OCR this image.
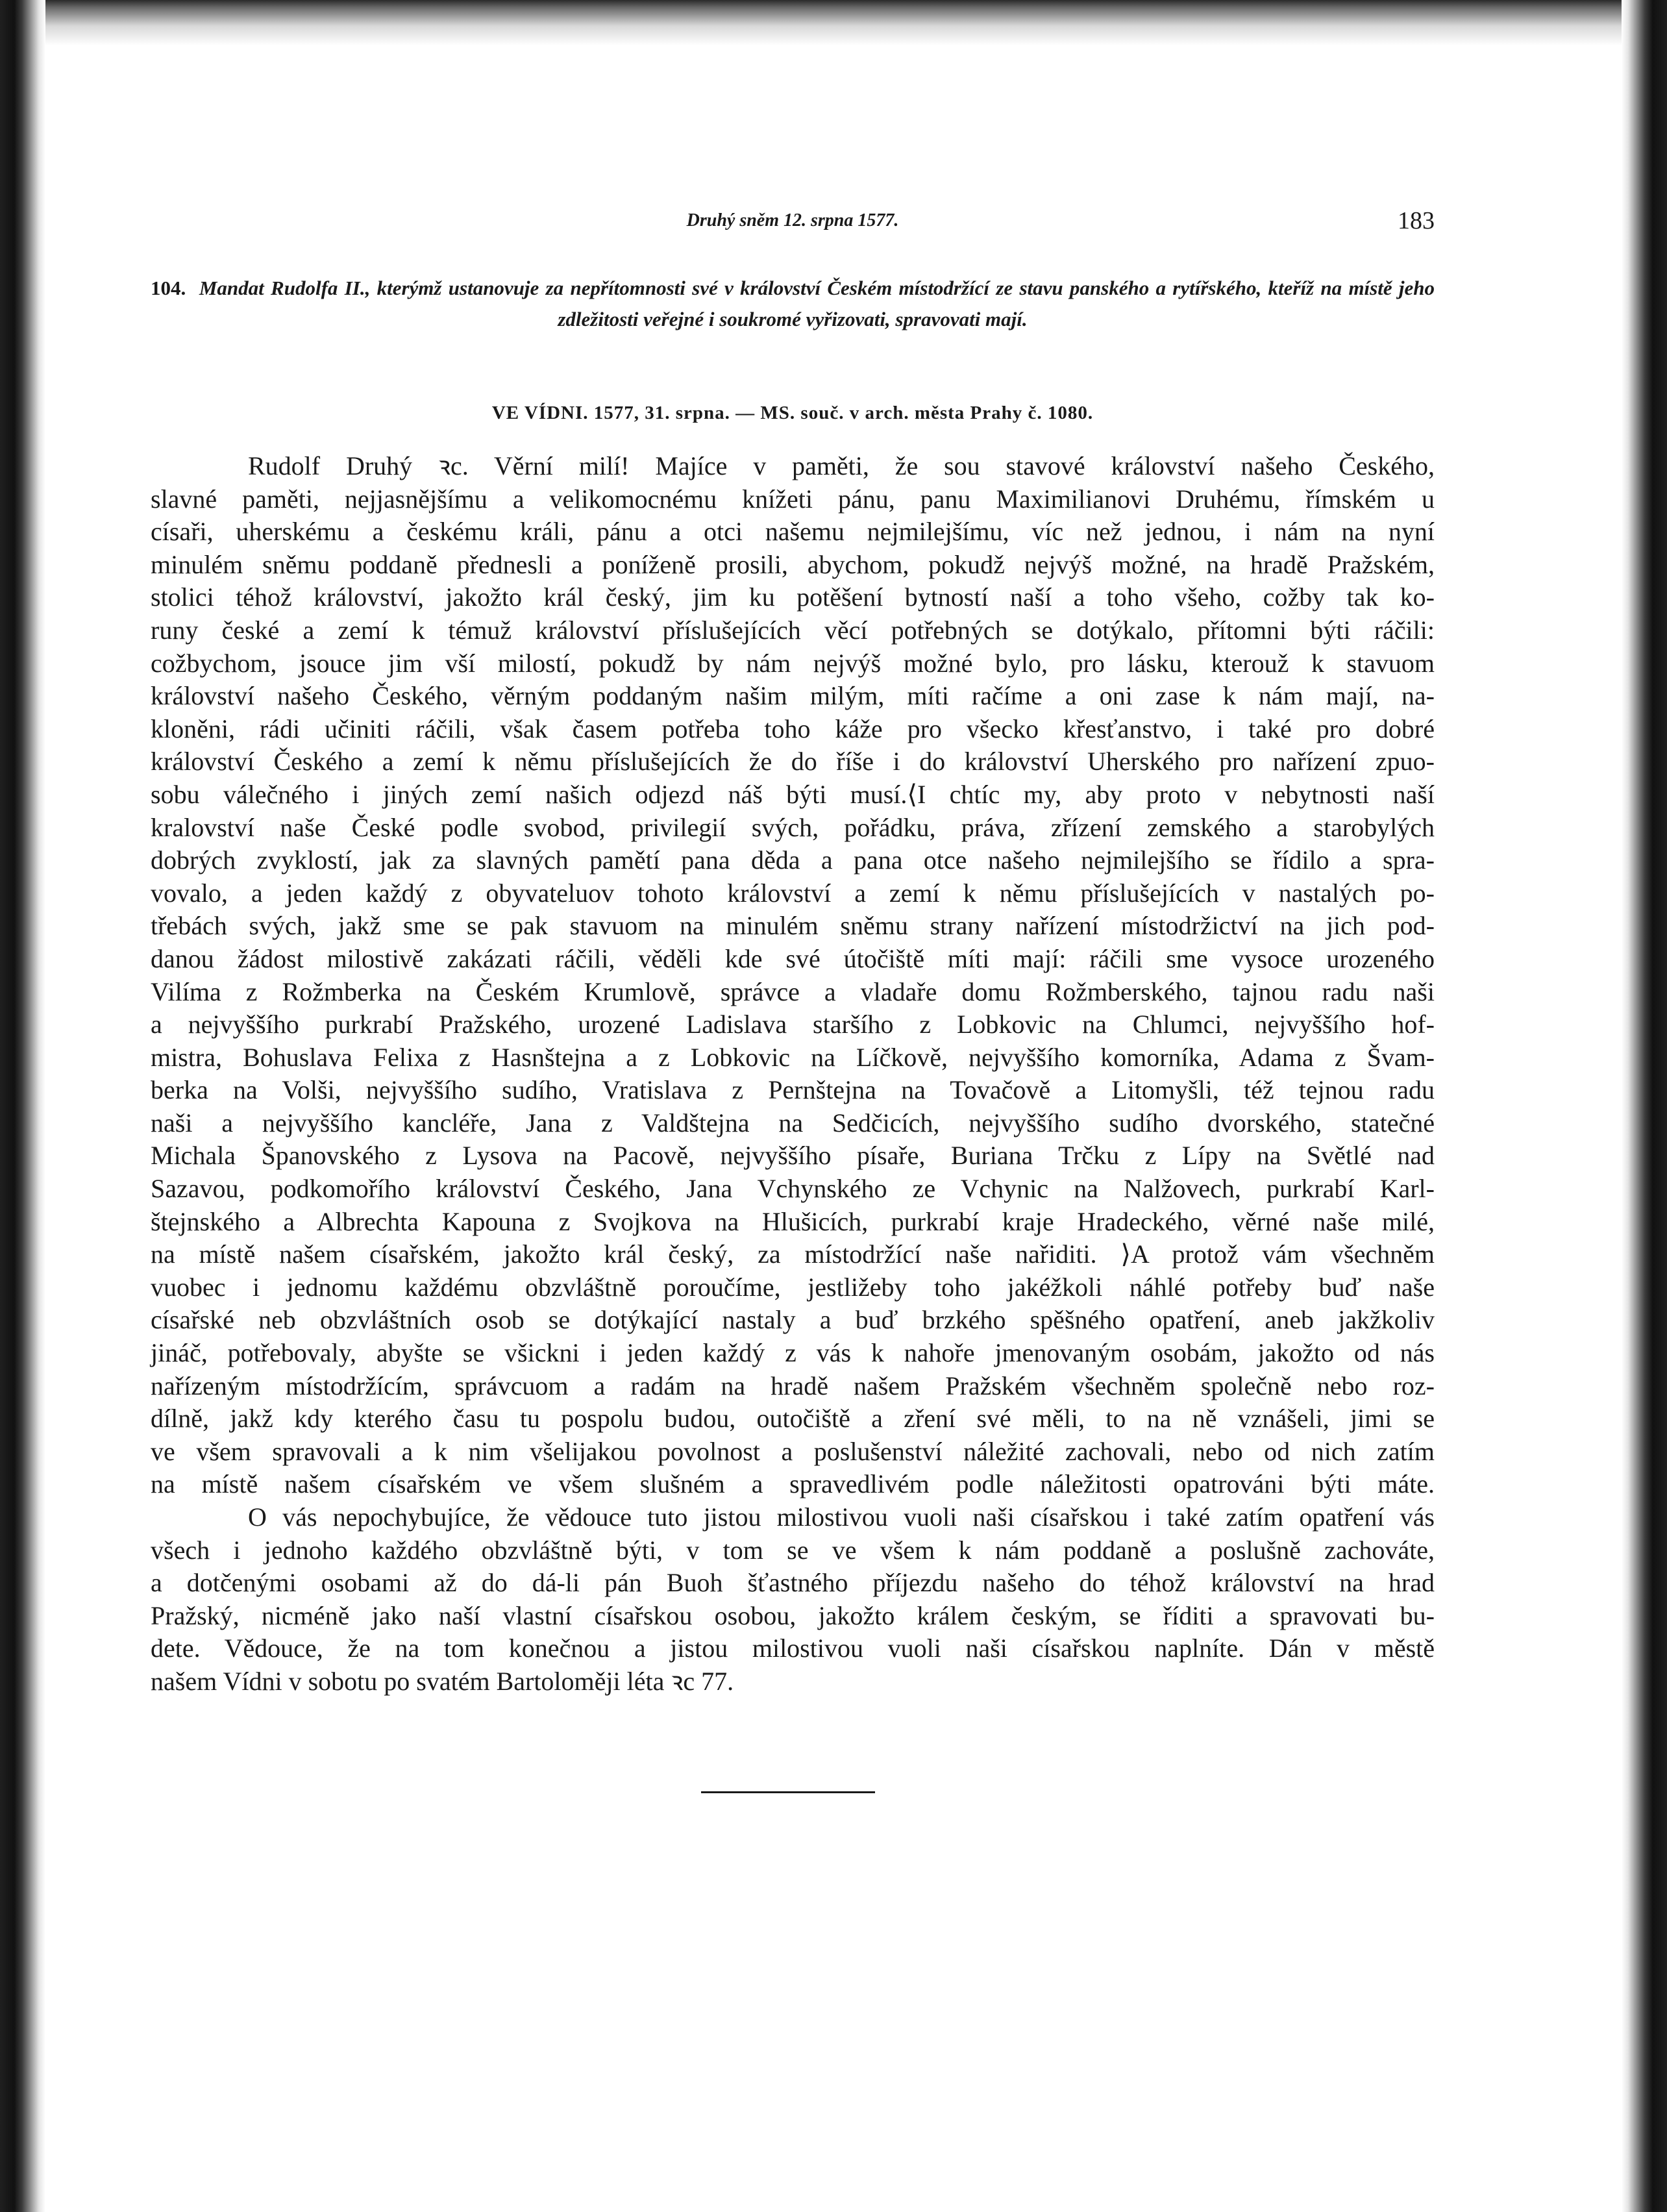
Druhý sněm 12. srpna 1577.	183
104. Mandat Rudolfa II., kterýmž ustanovuje za nepřítomnosti své v království Českém místodržící ze stavu panského a rytířského, kteříž na místě jeho zdležitosti veřejné i soukromé vyřizovati, spravovati mají.
VE VÍDNI. 1577, 31. srpna. — MS. souč. v arch. města Prahy č. 1080.
Rudolf Druhý ꝛc. Věrní milí! Majíce v paměti, že sou stavové království našeho Českého,
slavné paměti, nejjasnějšímu a velikomocnému knížeti pánu, panu Maximilianovi Druhému, římském u
císaři, uherskému a českému králi, pánu a otci našemu nejmilejšímu, víc než jednou, i nám na nyní
minulém sněmu poddaně přednesli a poníženě prosili, abychom, pokudž nejvýš možné, na hradě Pražském,
stolici téhož království, jakožto král český, jim ku potěšení bytností naší a toho všeho, cožby tak ko-
runy české a zemí k témuž království příslušejících věcí potřebných se dotýkalo, přítomni býti ráčili:
cožbychom, jsouce jim vší milostí, pokudž by nám nejvýš možné bylo, pro lásku, kterouž k stavuom
království našeho Českého, věrným poddaným našim milým, míti račíme a oni zase k nám mají, na-
kloněni, rádi učiniti ráčili, však časem potřeba toho káže pro všecko křesťanstvo, i také pro dobré
království Českého a zemí k němu příslušejících že do říše i do království Uherského pro nařízení zpuo-
sobu válečného i jiných zemí našich odjezd náš býti musí.⟨I chtíc my, aby proto v nebytnosti naší
kralovství naše České podle svobod, privilegií svých, pořádku, práva, zřízení zemského a starobylých
dobrých zvyklostí, jak za slavných pamětí pana děda a pana otce našeho nejmilejšího se řídilo a spra-
vovalo, a jeden každý z obyvateluov tohoto království a zemí k němu příslušejících v nastalých po-
třebách svých, jakž sme se pak stavuom na minulém sněmu strany nařízení místodržictví na jich pod-
danou žádost milostivě zakázati ráčili, věděli kde své útočiště míti mají: ráčili sme vysoce urozeného
Vilíma z Rožmberka na Českém Krumlově, správce a vladaře domu Rožmberského, tajnou radu naši
a nejvyššího purkrabí Pražského, urozené Ladislava staršího z Lobkovic na Chlumci, nejvyššího hof-
mistra, Bohuslava Felixa z Hasnštejna a z Lobkovic na Líčkově, nejvyššího komorníka, Adama z Švam-
berka na Volši, nejvyššího sudího, Vratislava z Pernštejna na Tovačově a Litomyšli, též tejnou radu
naši a nejvyššího kancléře, Jana z Valdštejna na Sedčicích, nejvyššího sudího dvorského, statečné
Michala Španovského z Lysova na Pacově, nejvyššího písaře, Buriana Trčku z Lípy na Světlé nad
Sazavou, podkomořího království Českého, Jana Vchynského ze Vchynic na Nalžovech, purkrabí Karl-
štejnského a Albrechta Kapouna z Svojkova na Hlušicích, purkrabí kraje Hradeckého, věrné naše milé,
na místě našem císařském, jakožto král český, za místodržící naše nařiditi. ⟩A protož vám všechněm
vuobec i jednomu každému obzvláštně poroučíme, jestližeby toho jakéžkoli náhlé potřeby buď naše
císařské neb obzvláštních osob se dotýkající nastaly a buď brzkého spěšného opatření, aneb jakžkoliv
jináč, potřebovaly, abyšte se všickni i jeden každý z vás k nahoře jmenovaným osobám, jakožto od nás
nařízeným místodržícím, správcuom a radám na hradě našem Pražském všechněm společně nebo roz-
dílně, jakž kdy kterého času tu pospolu budou, outočiště a zření své měli, to na ně vznášeli, jimi se
ve všem spravovali a k nim všelijakou povolnost a poslušenství náležité zachovali, nebo od nich zatím
na místě našem císařském ve všem slušném a spravedlivém podle náležitosti opatrováni býti máte.
O vás nepochybujíce, že vědouce tuto jistou milostivou vuoli naši císařskou i také zatím opatření vás
všech i jednoho každého obzvláštně býti, v tom se ve všem k nám poddaně a poslušně zachováte,
a dotčenými osobami až do dá-li pán Buoh šťastného příjezdu našeho do téhož království na hrad
Pražský, nicméně jako naší vlastní císařskou osobou, jakožto králem českým, se říditi a spravovati bu-
dete. Vědouce, že na tom konečnou a jistou milostivou vuoli naši císařskou naplníte. Dán v městě
našem Vídni v sobotu po svatém Bartoloměji léta ꝛc 77.
